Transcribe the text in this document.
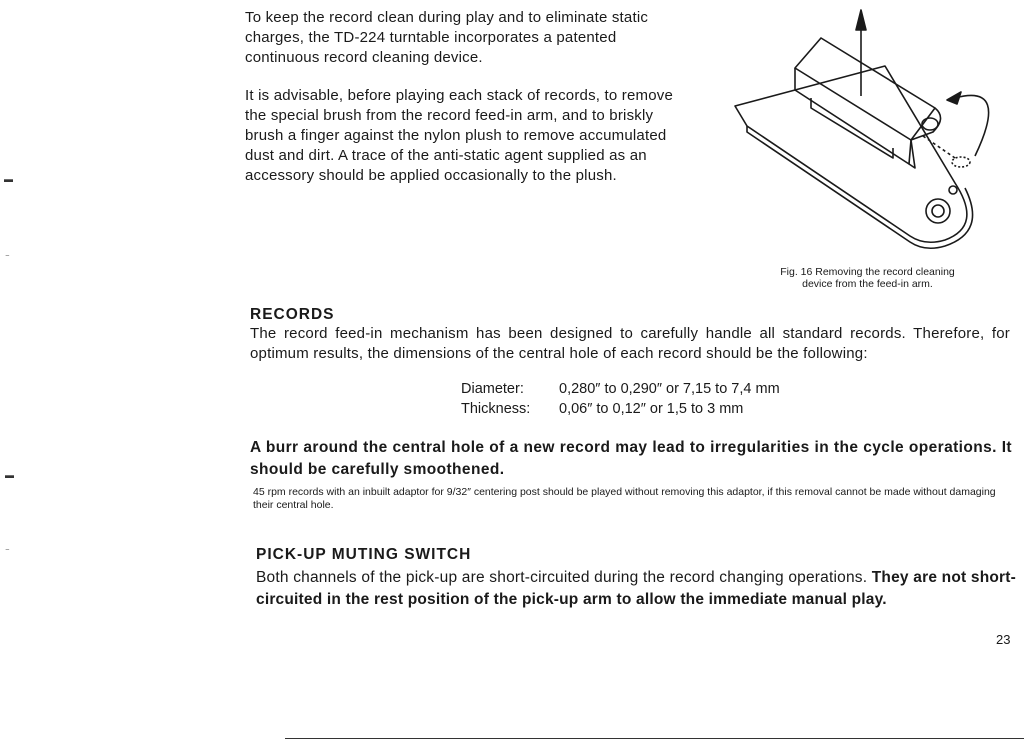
▬
⁻
▬
⁻

To keep the record clean during play and to eliminate static charges, the TD-224 turntable incorporates a patented continuous record cleaning device.

It is advisable, before playing each stack of records, to remove the special brush from the record feed-in arm, and to briskly brush a finger against the nylon plush to remove accumulated dust and dirt. A trace of the anti-static agent supplied as an accessory should be applied occasionally to the plush.

Fig. 16 Removing the record cleaning
device from the feed-in arm.
RECORDS

The record feed-in mechanism has been designed to carefully handle all standard records. Therefore, for optimum results, the dimensions of the central hole of each record should be the following:

Diameter: 0,280″ to 0,290″ or 7,15 to 7,4 mm
Thickness: 0,06″ to 0,12″ or 1,5 to 3 mm

A burr around the central hole of a new record may lead to irregularities in the cycle operations. It should be carefully smoothened.

45 rpm records with an inbuilt adaptor for 9/32″ centering post should be played without removing this adaptor, if this removal cannot be made without damaging their central hole.

PICK-UP MUTING SWITCH

Both channels of the pick-up are short-circuited during the record changing operations. They are not short-circuited in the rest position of the pick-up arm to allow the immediate manual play.

23
